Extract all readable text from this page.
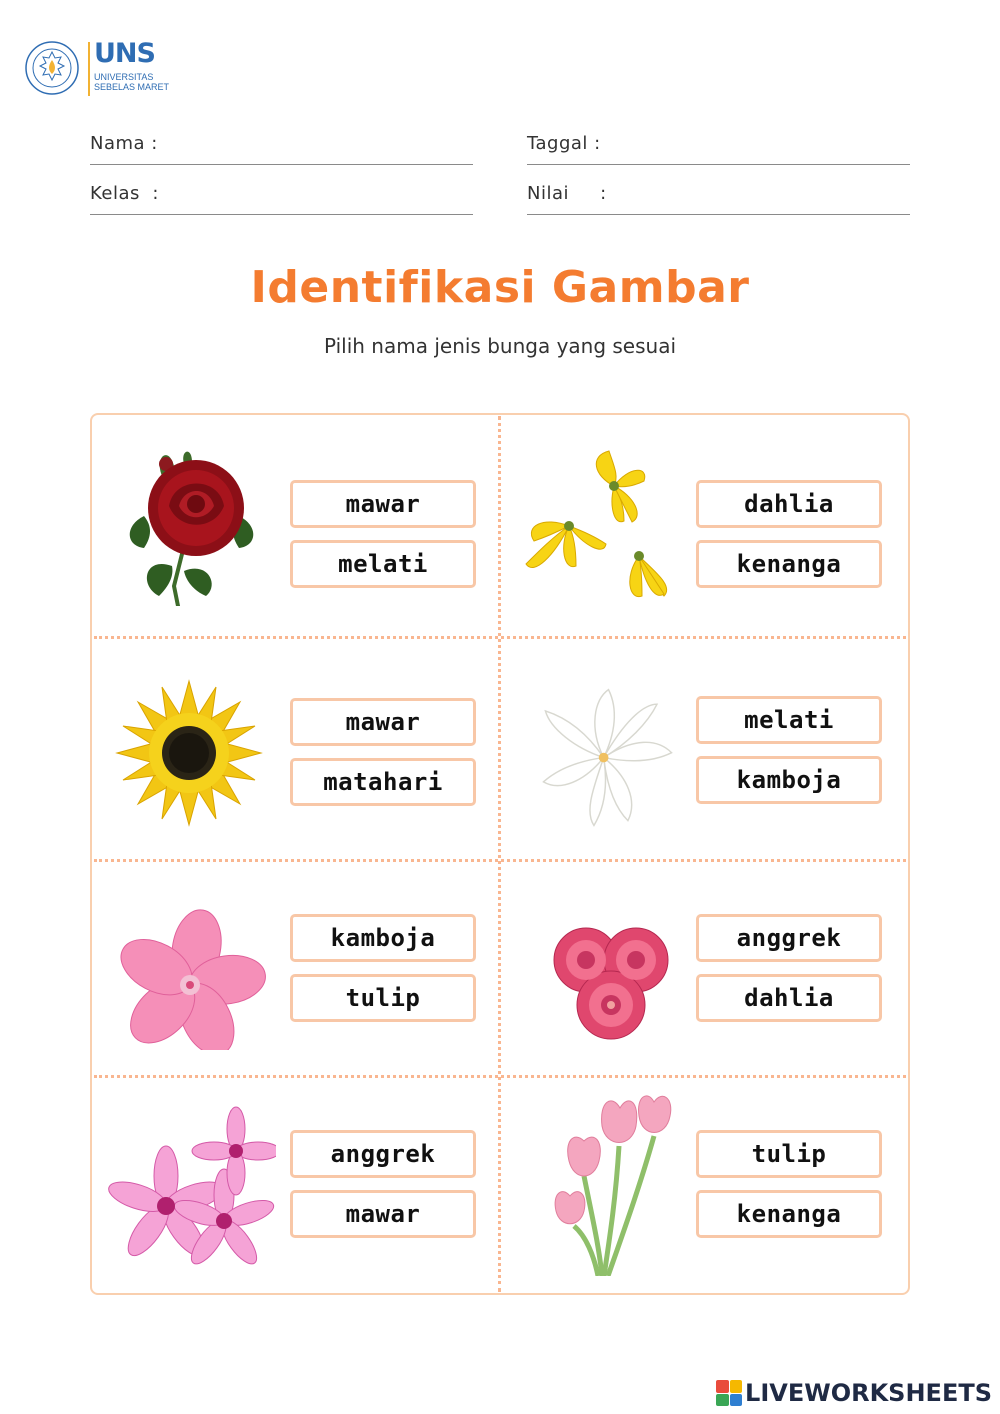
UNS
UNIVERSITAS
SEBELAS MARET
Nama :
Kelas  :
Taggal :
Nilai     :
Identifikasi Gambar
Pilih nama jenis bunga yang sesuai
mawar
melati
dahlia
kenanga
mawar
matahari
melati
kamboja
kamboja
tulip
anggrek
dahlia
anggrek
mawar
tulip
kenanga
LIVEWORKSHEETS
